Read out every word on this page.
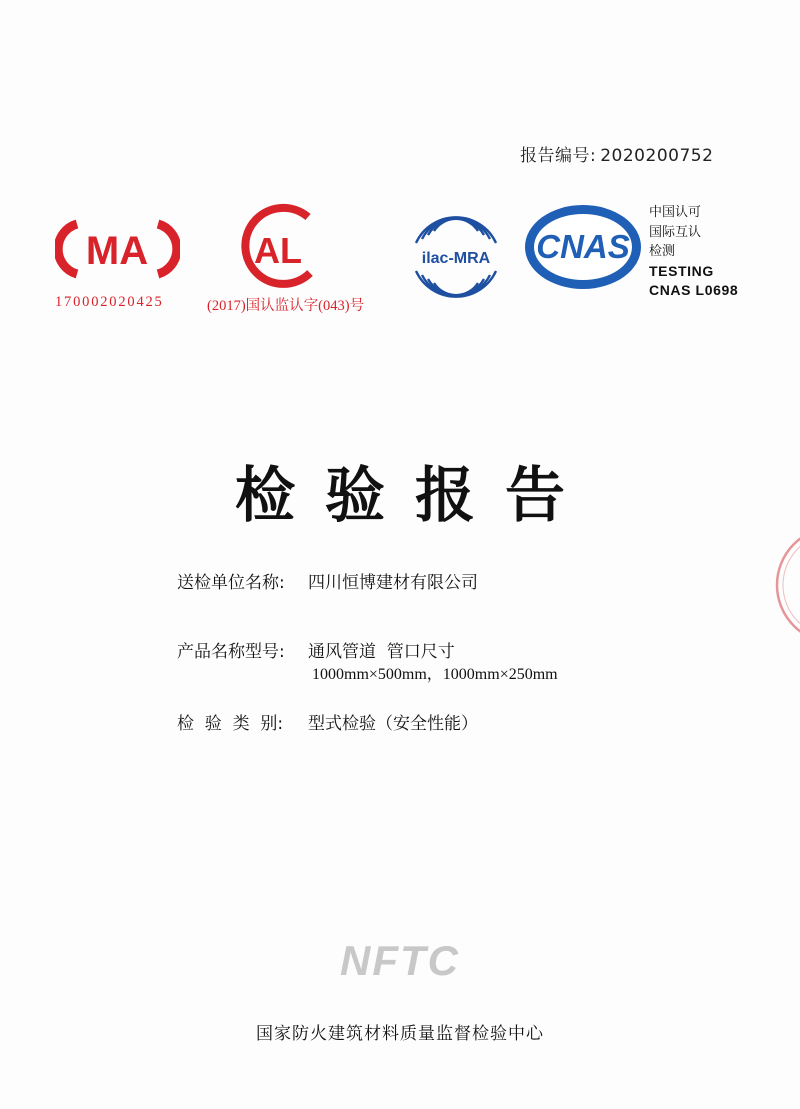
报告编号: 2020200752
MA
170002020425
AL
(2017)国认监认字(043)号
ilac-MRA CNAS
中国认可
国际互认
检测
TESTING
CNAS L0698
检验报告
送检单位名称: 四川恒博建材有限公司
产品名称型号: 通风管道  管口尺寸
1000mm×500mm，1000mm×250mm
检  验  类  别: 型式检验（安全性能）
NFTC
国家防火建筑材料质量监督检验中心
